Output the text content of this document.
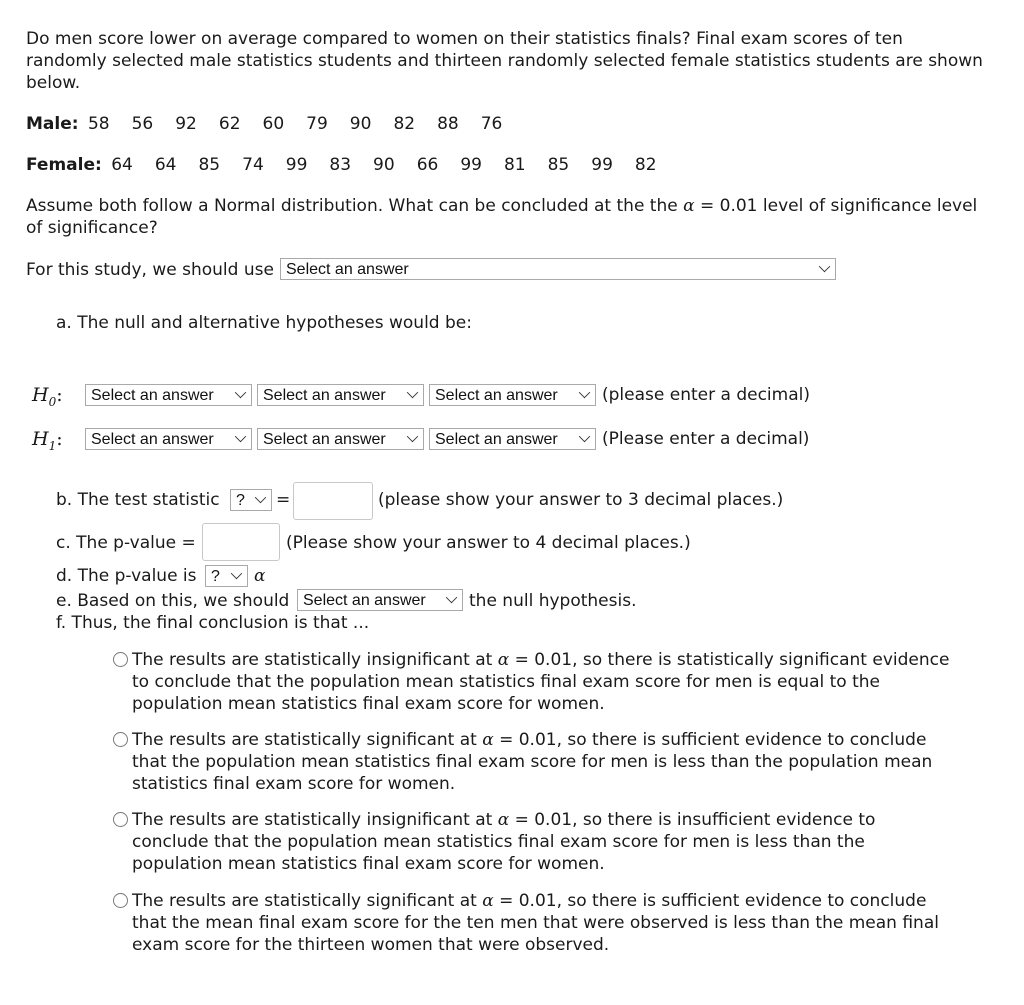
Do men score lower on average compared to women on their statistics finals? Final exam scores of ten randomly selected male statistics students and thirteen randomly selected female statistics students are shown below.
Male: 58 56 92 62 60 79 90 82 88 76
Female: 64 64 85 74 99 83 90 66 99 81 85 99 82
Assume both follow a Normal distribution. What can be concluded at the the α = 0.01 level of significance level of significance?
For this study, we should use Select an answer
a. The null and alternative hypotheses would be:
$H_0$:	Select an answer	Select an answer	Select an answer	(please enter a decimal)
$H_1$:	Select an answer	Select an answer	Select an answer	(Please enter a decimal)
b. The test statistic	?	=	(please show your answer to 3 decimal places.)
c. The p-value =	(Please show your answer to 4 decimal places.)
d. The p-value is ?	α
e. Based on this, we should Select an answer	the null hypothesis.
f. Thus, the final conclusion is that ...
The results are statistically insignificant at α = 0.01, so there is statistically significant evidence to conclude that the population mean statistics final exam score for men is equal to the population mean statistics final exam score for women.
The results are statistically significant at α = 0.01, so there is sufficient evidence to conclude that the population mean statistics final exam score for men is less than the population mean statistics final exam score for women.
The results are statistically insignificant at α = 0.01, so there is insufficient evidence to conclude that the population mean statistics final exam score for men is less than the population mean statistics final exam score for women.
The results are statistically significant at α = 0.01, so there is sufficient evidence to conclude that the mean final exam score for the ten men that were observed is less than the mean final exam score for the thirteen women that were observed.
